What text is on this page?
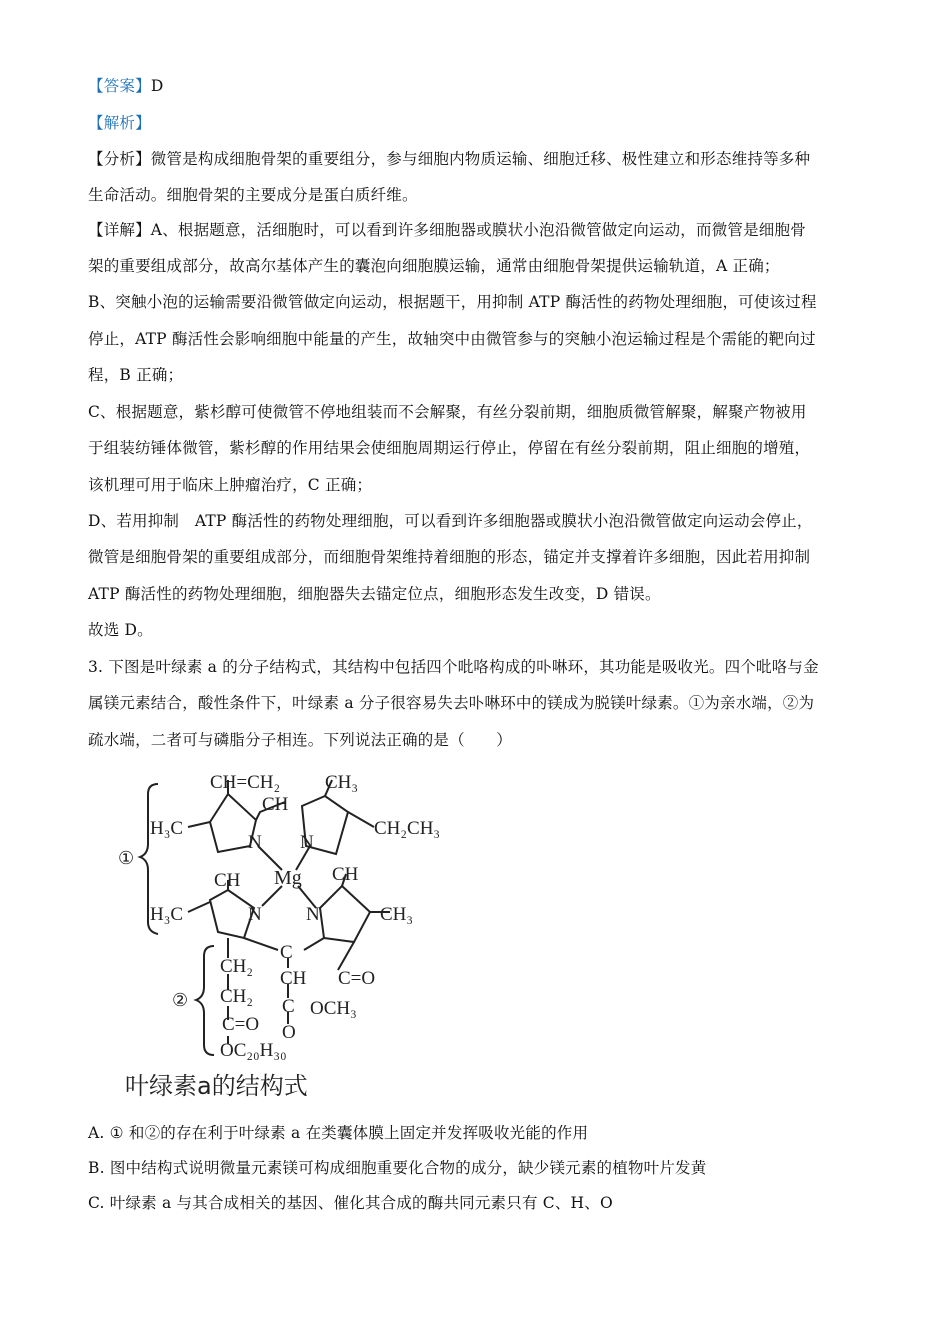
【答案】D
【解析】
【分析】微管是构成细胞骨架的重要组分，参与细胞内物质运输、细胞迁移、极性建立和形态维持等多种
生命活动。细胞骨架的主要成分是蛋白质纤维。
【详解】A、根据题意，活细胞时，可以看到许多细胞器或膜状小泡沿微管做定向运动，而微管是细胞骨
架的重要组成部分，故高尔基体产生的囊泡向细胞膜运输，通常由细胞骨架提供运输轨道，A 正确；
B、突触小泡的运输需要沿微管做定向运动，根据题干，用抑制 ATP 酶活性的药物处理细胞，可使该过程
停止，ATP 酶活性会影响细胞中能量的产生，故轴突中由微管参与的突触小泡运输过程是个需能的靶向过
程，B 正确；
C、根据题意，紫杉醇可使微管不停地组装而不会解聚，有丝分裂前期，细胞质微管解聚，解聚产物被用
于组装纺锤体微管，紫杉醇的作用结果会使细胞周期运行停止，停留在有丝分裂前期，阻止细胞的增殖，
该机理可用于临床上肿瘤治疗，C 正确；
D、若用抑制　ATP 酶活性的药物处理细胞，可以看到许多细胞器或膜状小泡沿微管做定向运动会停止，
微管是细胞骨架的重要组成部分，而细胞骨架维持着细胞的形态，锚定并支撑着许多细胞，因此若用抑制
ATP 酶活性的药物处理细胞，细胞器失去锚定位点，细胞形态发生改变，D 错误。
故选 D。
3. 下图是叶绿素 a 的分子结构式，其结构中包括四个吡咯构成的卟啉环，其功能是吸收光。四个吡咯与金
属镁元素结合，酸性条件下，叶绿素 a 分子很容易失去卟啉环中的镁成为脱镁叶绿素。①为亲水端，②为
疏水端，二者可与磷脂分子相连。下列说法正确的是（　　）
CH=CH₂ CH₃
CH
H₃C
N N
CH₂CH₃
CH Mg CH
H₃C	N N	CH₃
C
CH₂
CH C=O
CH₂ C OCH₃
C=O O
OC₂₀H₃₀
①
②
叶绿素a的结构式
A. ① 和②的存在利于叶绿素 a 在类囊体膜上固定并发挥吸收光能的作用
B. 图中结构式说明微量元素镁可构成细胞重要化合物的成分，缺少镁元素的植物叶片发黄
C. 叶绿素 a 与其合成相关的基因、催化其合成的酶共同元素只有 C、H、O
